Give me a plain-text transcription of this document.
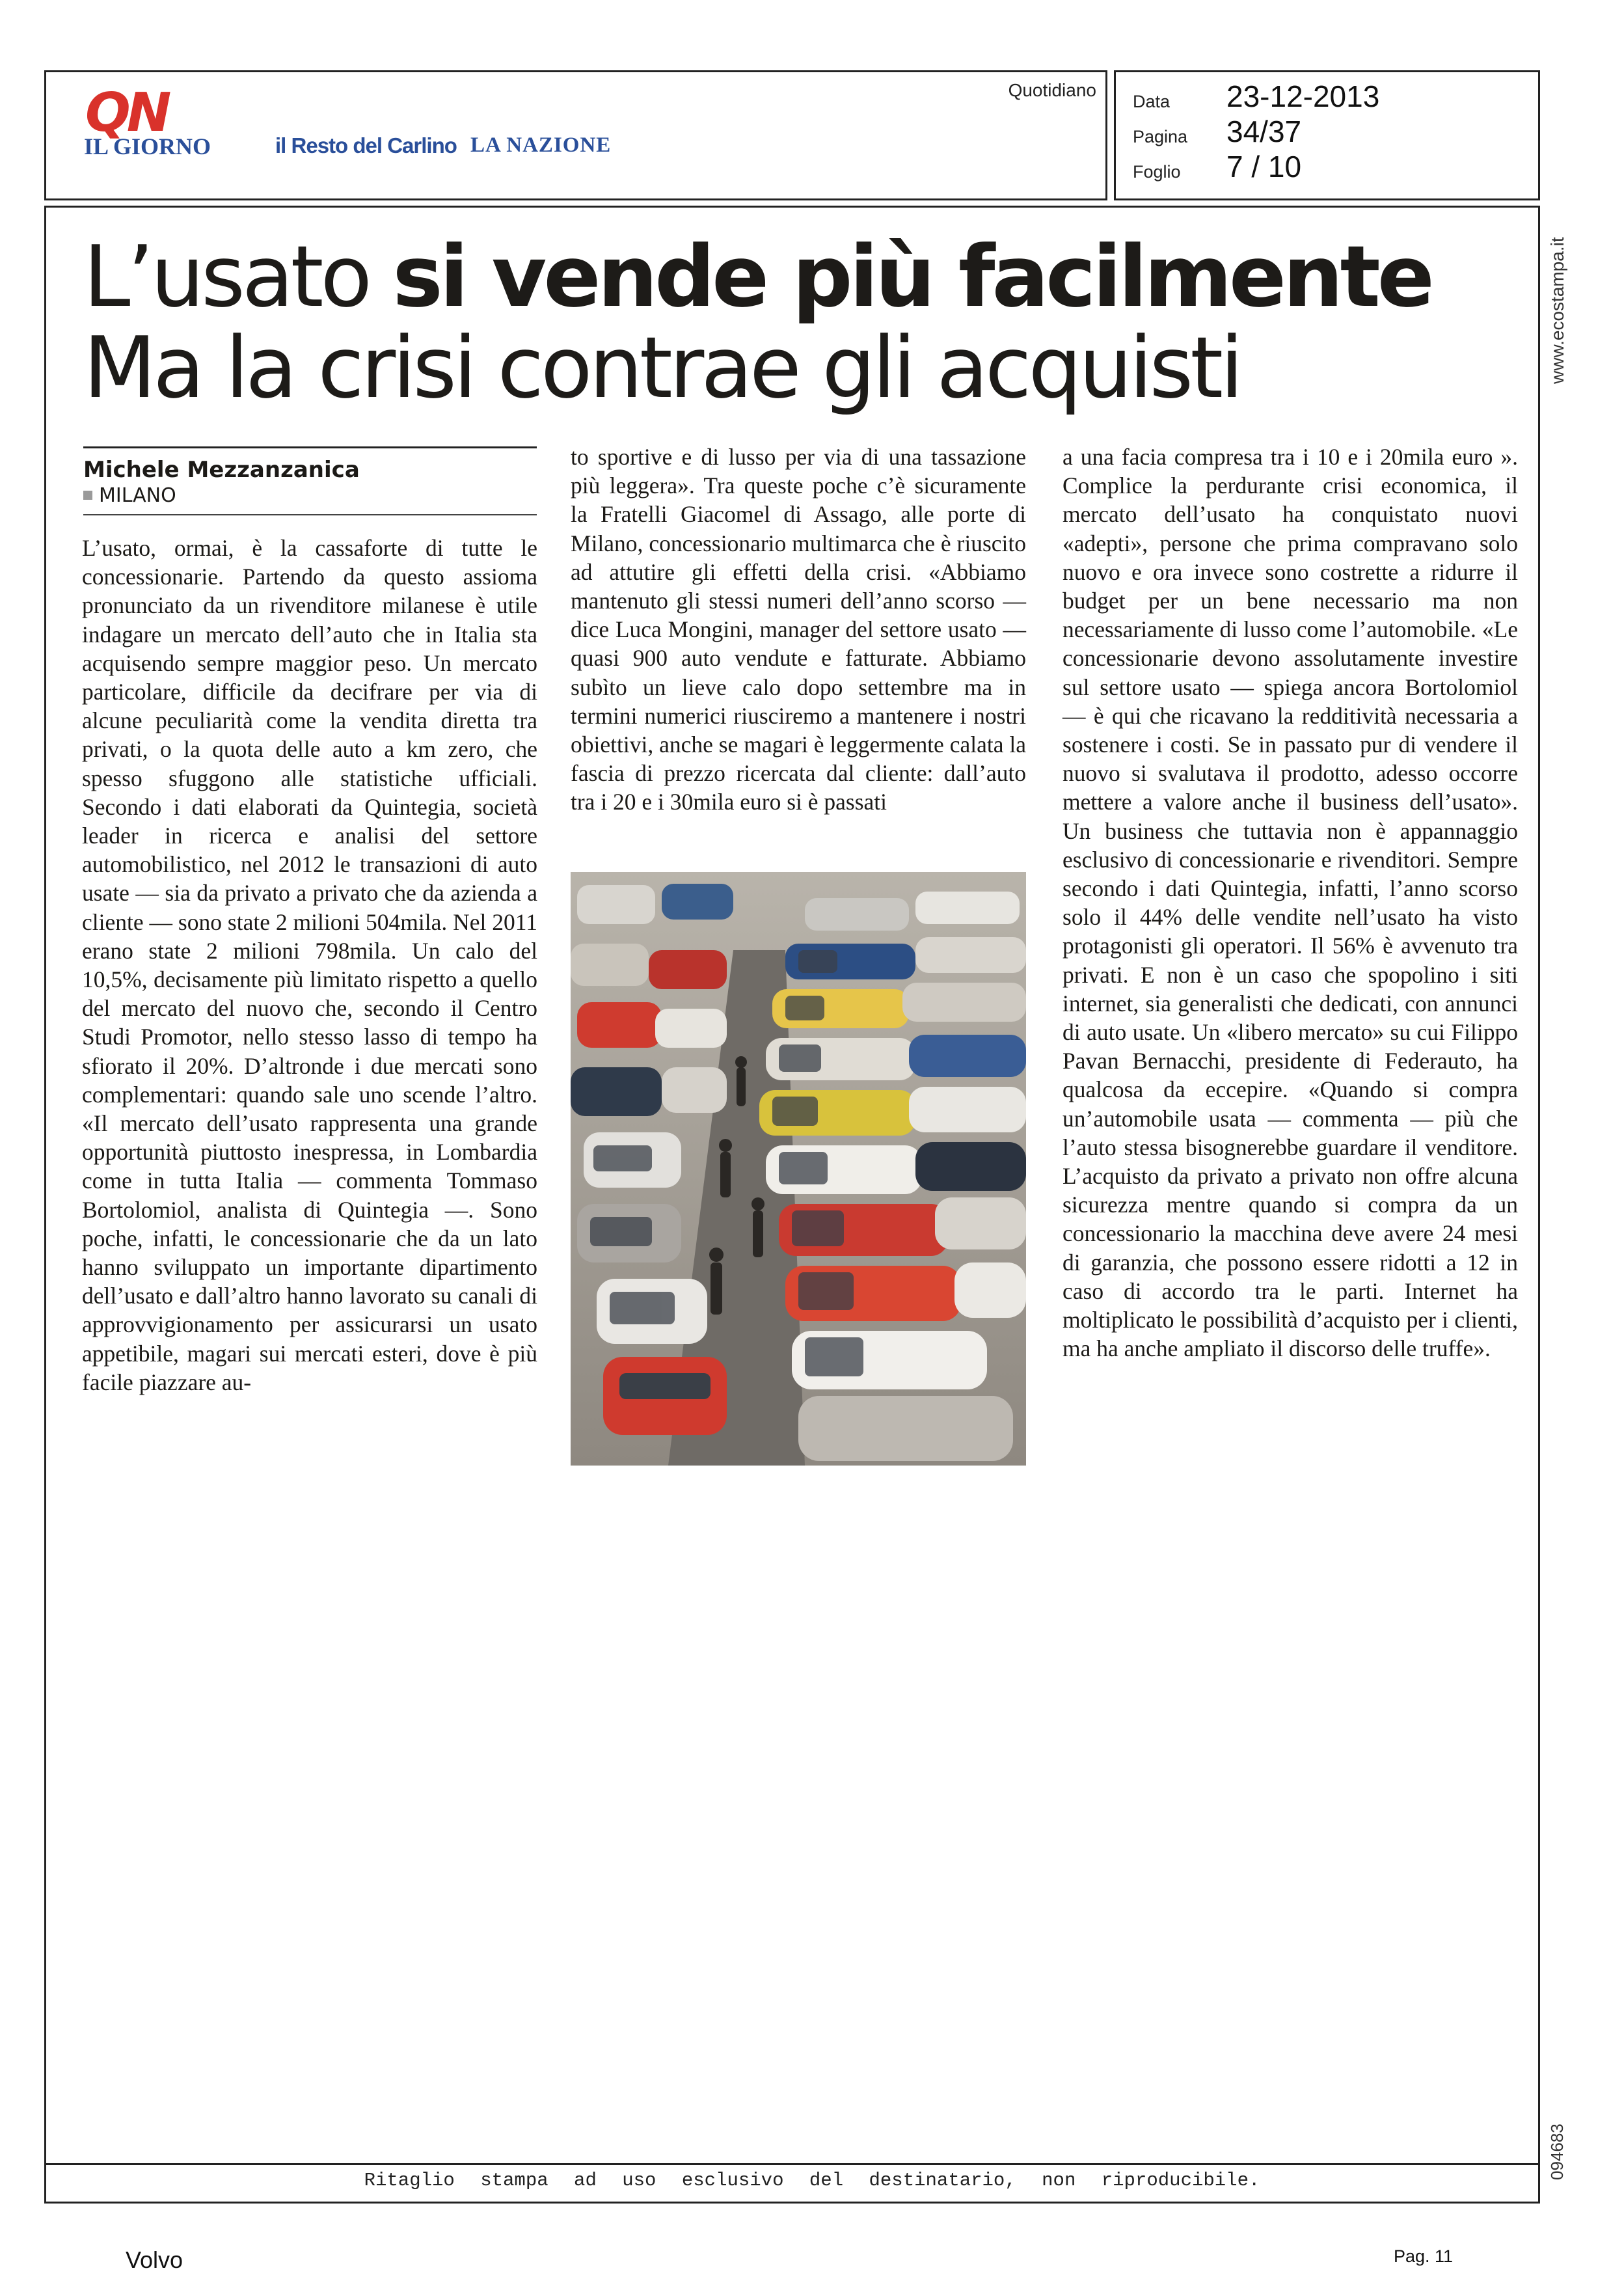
QN
IL GIORNO	il Resto del Carlino LA NAZIONE
Quotidiano
Data 23-12-2013
Pagina 34/37
Foglio 7 / 10
L’usato si vende più facilmente
Ma la crisi contrae gli acquisti
Michele Mezzanzanica
MILANO

L’usato, ormai, è la cassaforte di tutte le concessionarie. Partendo da questo assioma pronunciato da un rivenditore milanese è utile indagare un mercato dell’auto che in Italia sta acquisendo sempre maggior peso. Un mercato particolare, difficile da decifrare per via di alcune peculiarità come la vendita diretta tra privati, o la quota delle auto a km zero, che spesso sfuggono alle statistiche ufficiali. Secondo i dati elaborati da Quintegia, società leader in ricerca e analisi del settore automobilistico, nel 2012 le transazioni di auto usate — sia da privato a privato che da azienda a cliente — sono state 2 milioni 504mila. Nel 2011 erano state 2 milioni 798mila. Un calo del 10,5%, decisamente più limitato rispetto a quello del mercato del nuovo che, secondo il Centro Studi Promotor, nello stesso lasso di tempo ha sfiorato il 20%. D’altronde i due mercati sono complementari: quando sale uno scende l’altro. «Il mercato dell’usato rappresenta una grande opportunità piuttosto inespressa, in Lombardia come in tutta Italia — commenta Tommaso Bortolomiol, analista di Quintegia —. Sono poche, infatti, le concessionarie che da un lato hanno sviluppato un importante dipartimento dell’usato e dall’altro hanno lavorato su canali di approvvigionamento per assicurarsi un usato appetibile, magari sui mercati esteri, dove è più facile piazzare au-

to sportive e di lusso per via di una tassazione più leggera». Tra queste poche c’è sicuramente la Fratelli Giacomel di Assago, alle porte di Milano, concessionario multimarca che è riuscito ad attutire gli effetti della crisi. «Abbiamo mantenuto gli stessi numeri dell’anno scorso — dice Luca Mongini, manager del settore usato — quasi 900 auto vendute e fatturate. Abbiamo subìto un lieve calo dopo settembre ma in termini numerici riusciremo a mantenere i nostri obiettivi, anche se magari è leggermente calata la fascia di prezzo ricercata dal cliente: dall’auto tra i 20 e i 30mila euro si è passati

a una facia compresa tra i 10 e i 20mila euro ». Complice la perdurante crisi economica, il mercato dell’usato ha conquistato nuovi «adepti», persone che prima compravano solo nuovo e ora invece sono costrette a ridurre il budget per un bene necessario ma non necessariamente di lusso come l’automobile. «Le concessionarie devono assolutamente investire sul settore usato — spiega ancora Bortolomiol — è qui che ricavano la redditività necessaria a sostenere i costi. Se in passato pur di vendere il nuovo si svalutava il prodotto, adesso occorre mettere a valore anche il business dell’usato». Un business che tuttavia non è appannaggio esclusivo di concessionarie e rivenditori. Sempre secondo i dati Quintegia, infatti, l’anno scorso solo il 44% delle vendite nell’usato ha visto protagonisti gli operatori. Il 56% è avvenuto tra privati. E non è un caso che spopolino i siti internet, sia generalisti che dedicati, con annunci di auto usate. Un «libero mercato» su cui Filippo Pavan Bernacchi, presidente di Federauto, ha qualcosa da eccepire. «Quando si compra un’automobile usata — commenta — più che l’auto stessa bisognerebbe guardare il venditore. L’acquisto da privato a privato non offre alcuna sicurezza mentre quando si compra da un concessionario la macchina deve avere 24 mesi di garanzia, che possono essere ridotti a 12 in caso di accordo tra le parti. Internet ha moltiplicato le possibilità d’acquisto per i clienti, ma ha anche ampliato il discorso delle truffe».

Ritaglio stampa ad uso esclusivo del destinatario, non riproducibile.
www.ecostampa.it
094683
Volvo	Pag. 11
